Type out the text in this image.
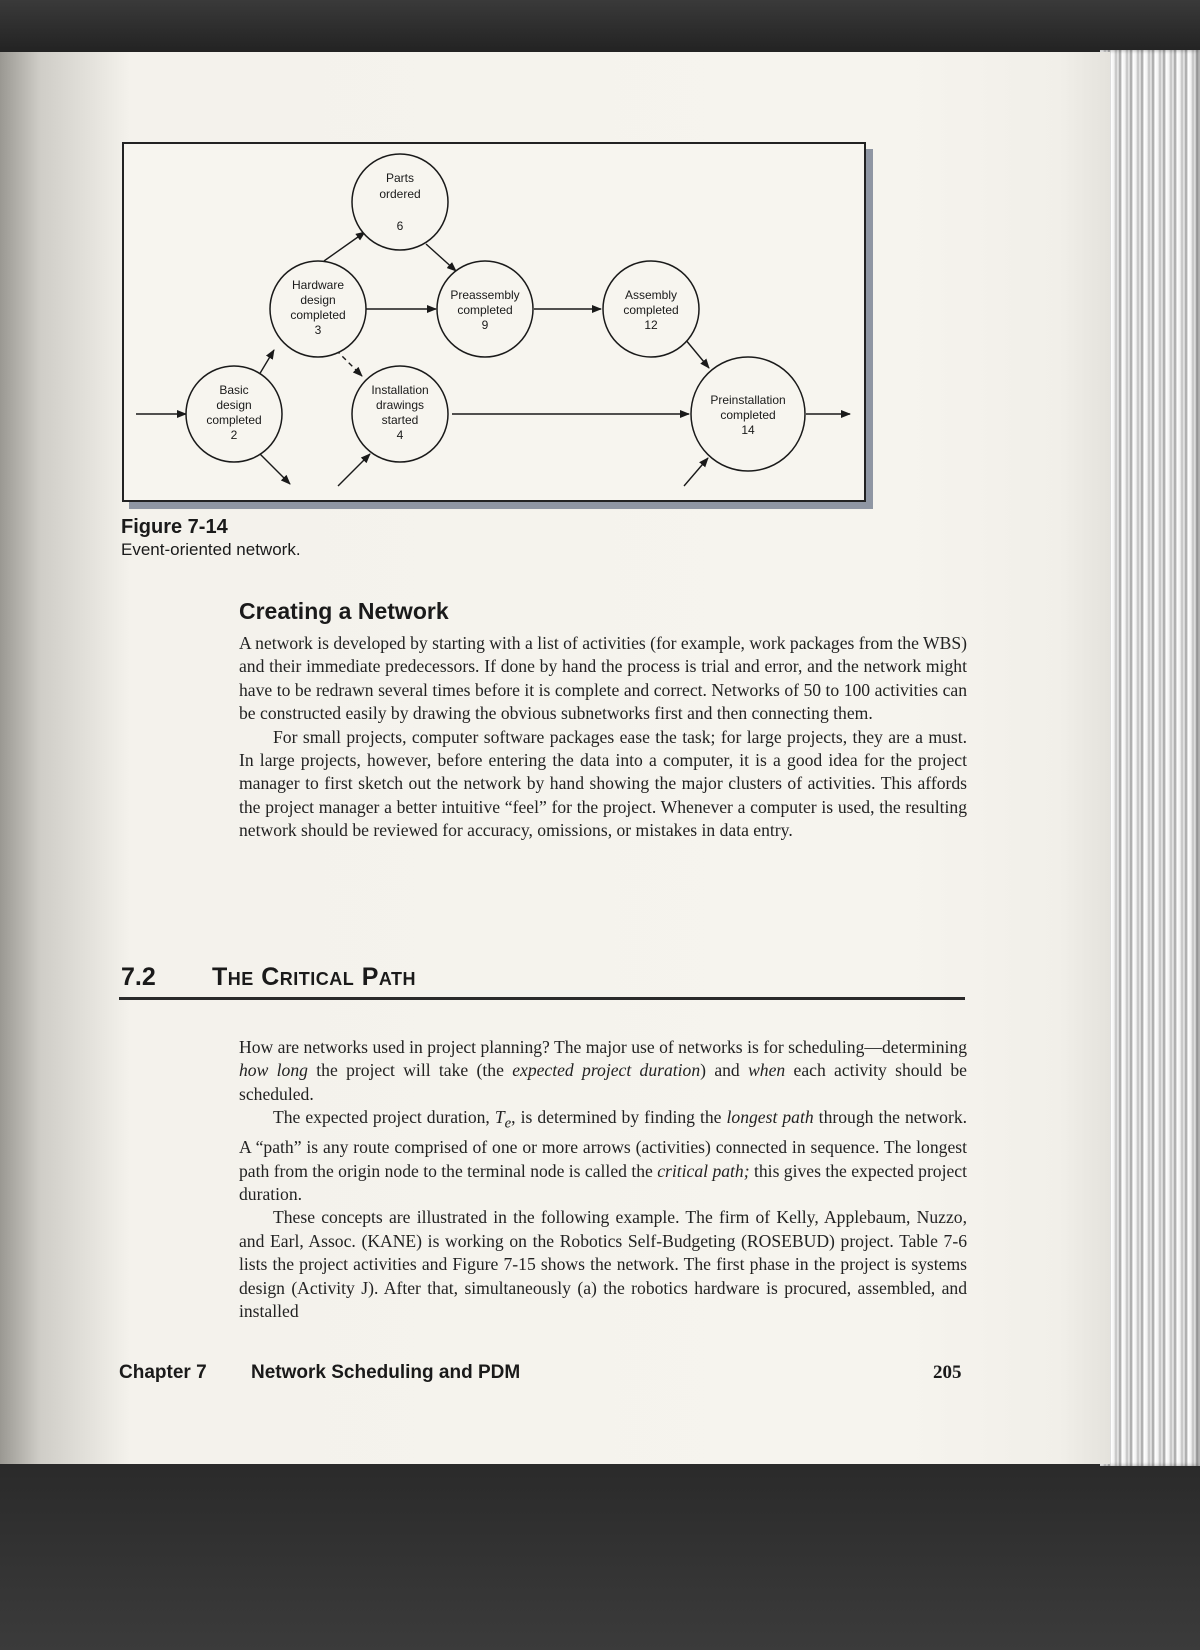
Parts
ordered
6
Hardware
design
completed
3
Preassembly
completed
9
Assembly
completed
12
Basic
design
completed
2
Installation
drawings
started
4
Preinstallation
completed
14
Figure 7-14
Event-oriented network.
Creating a Network

A network is developed by starting with a list of activities (for example, work packages from the WBS) and their immediate predecessors. If done by hand the process is trial and error, and the network might have to be redrawn several times before it is complete and correct. Networks of 50 to 100 activities can be constructed easily by drawing the obvious subnetworks first and then connecting them.

For small projects, computer software packages ease the task; for large projects, they are a must. In large projects, however, before entering the data into a computer, it is a good idea for the project manager to first sketch out the network by hand showing the major clusters of activities. This affords the project manager a better intuitive “feel” for the project. Whenever a computer is used, the resulting network should be reviewed for accuracy, omissions, or mistakes in data entry.

7.2 The Critical Path

How are networks used in project planning? The major use of networks is for scheduling—determining how long the project will take (the expected project duration) and when each activity should be scheduled.

The expected project duration, $T_e$, is determined by finding the longest path through the network. A “path” is any route comprised of one or more arrows (activities) connected in sequence. The longest path from the origin node to the terminal node is called the critical path; this gives the expected project duration.

These concepts are illustrated in the following example. The firm of Kelly, Applebaum, Nuzzo, and Earl, Assoc. (KANE) is working on the Robotics Self-Budgeting (ROSEBUD) project. Table 7-6 lists the project activities and Figure 7-15 shows the network. The first phase in the project is systems design (Activity J). After that, simultaneously (a) the robotics hardware is procured, assembled, and installed

Chapter 7 Network Scheduling and PDM	205
